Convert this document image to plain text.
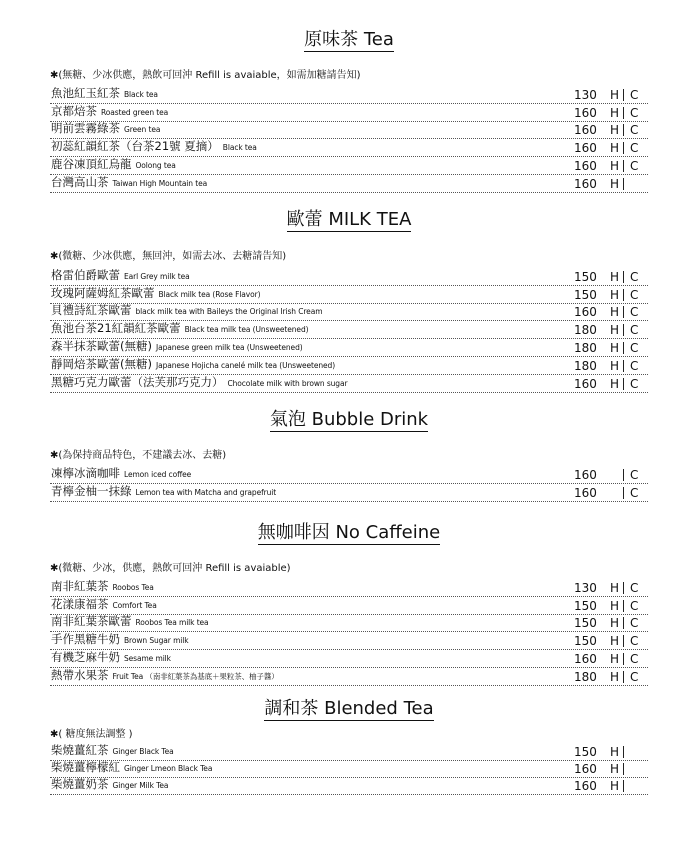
原味茶 Tea
✱(無糖、少冰供應，熱飲可回沖 Refill is avaiable，如需加糖請告知)
魚池紅玉紅茶 Black tea	130 H C
京都焙茶 Roasted green tea	160 H C
明前雲霧綠茶 Green tea	160 H C
初蕊紅韻紅茶（台茶21號 夏摘） Black tea	160 H C
鹿谷凍頂紅烏龍 Oolong tea	160 H C
台灣高山茶 Taiwan High Mountain tea	160 H
歐蕾 MILK TEA
✱(微糖、少冰供應，無回沖，如需去冰、去糖請告知)
格雷伯爵歐蕾 Earl Grey milk tea	150 H C
玫瑰阿薩姆紅茶歐蕾 Black milk tea (Rose Flavor)	150 H C
貝禮詩紅茶歐蕾 black milk tea with Baileys the Original Irish Cream	160 H C
魚池台茶21紅韻紅茶歐蕾 Black tea milk tea (Unsweetened)	180 H C
森半抹茶歐蕾(無糖) Japanese green milk tea (Unsweetened)	180 H C
靜岡焙茶歐蕾(無糖) Japanese Hojicha canelé milk tea (Unsweetened)	180 H C
黑糖巧克力歐蕾（法芙那巧克力） Chocolate milk with brown sugar	160 H C
氣泡 Bubble Drink
✱(為保持商品特色，不建議去冰、去糖)
凍檸冰滴咖啡 Lemon iced coffee	160	C
青檸金柚一抹綠 Lemon tea with Matcha and grapefruit	160	C
無咖啡因 No Caffeine
✱(微糖、少冰，供應，熱飲可回沖 Refill is avaiable)
南非紅葉茶 Roobos Tea	130 H C
花漾康福茶 Comfort Tea	150 H C
南非紅葉茶歐蕾 Roobos Tea milk tea	150 H C
手作黑糖牛奶 Brown Sugar milk	150 H C
有機芝麻牛奶 Sesame milk	160 H C
熱帶水果茶 Fruit Tea （南非紅葉茶為基底＋果粒茶、柚子醬）	180 H C
調和茶 Blended Tea
✱( 糖度無法調整 )
柴燒薑紅茶 Ginger Black Tea	150 H
柴燒薑檸檬紅 Ginger Lmeon Black Tea	160 H
柴燒薑奶茶 Ginger Milk Tea	160 H
